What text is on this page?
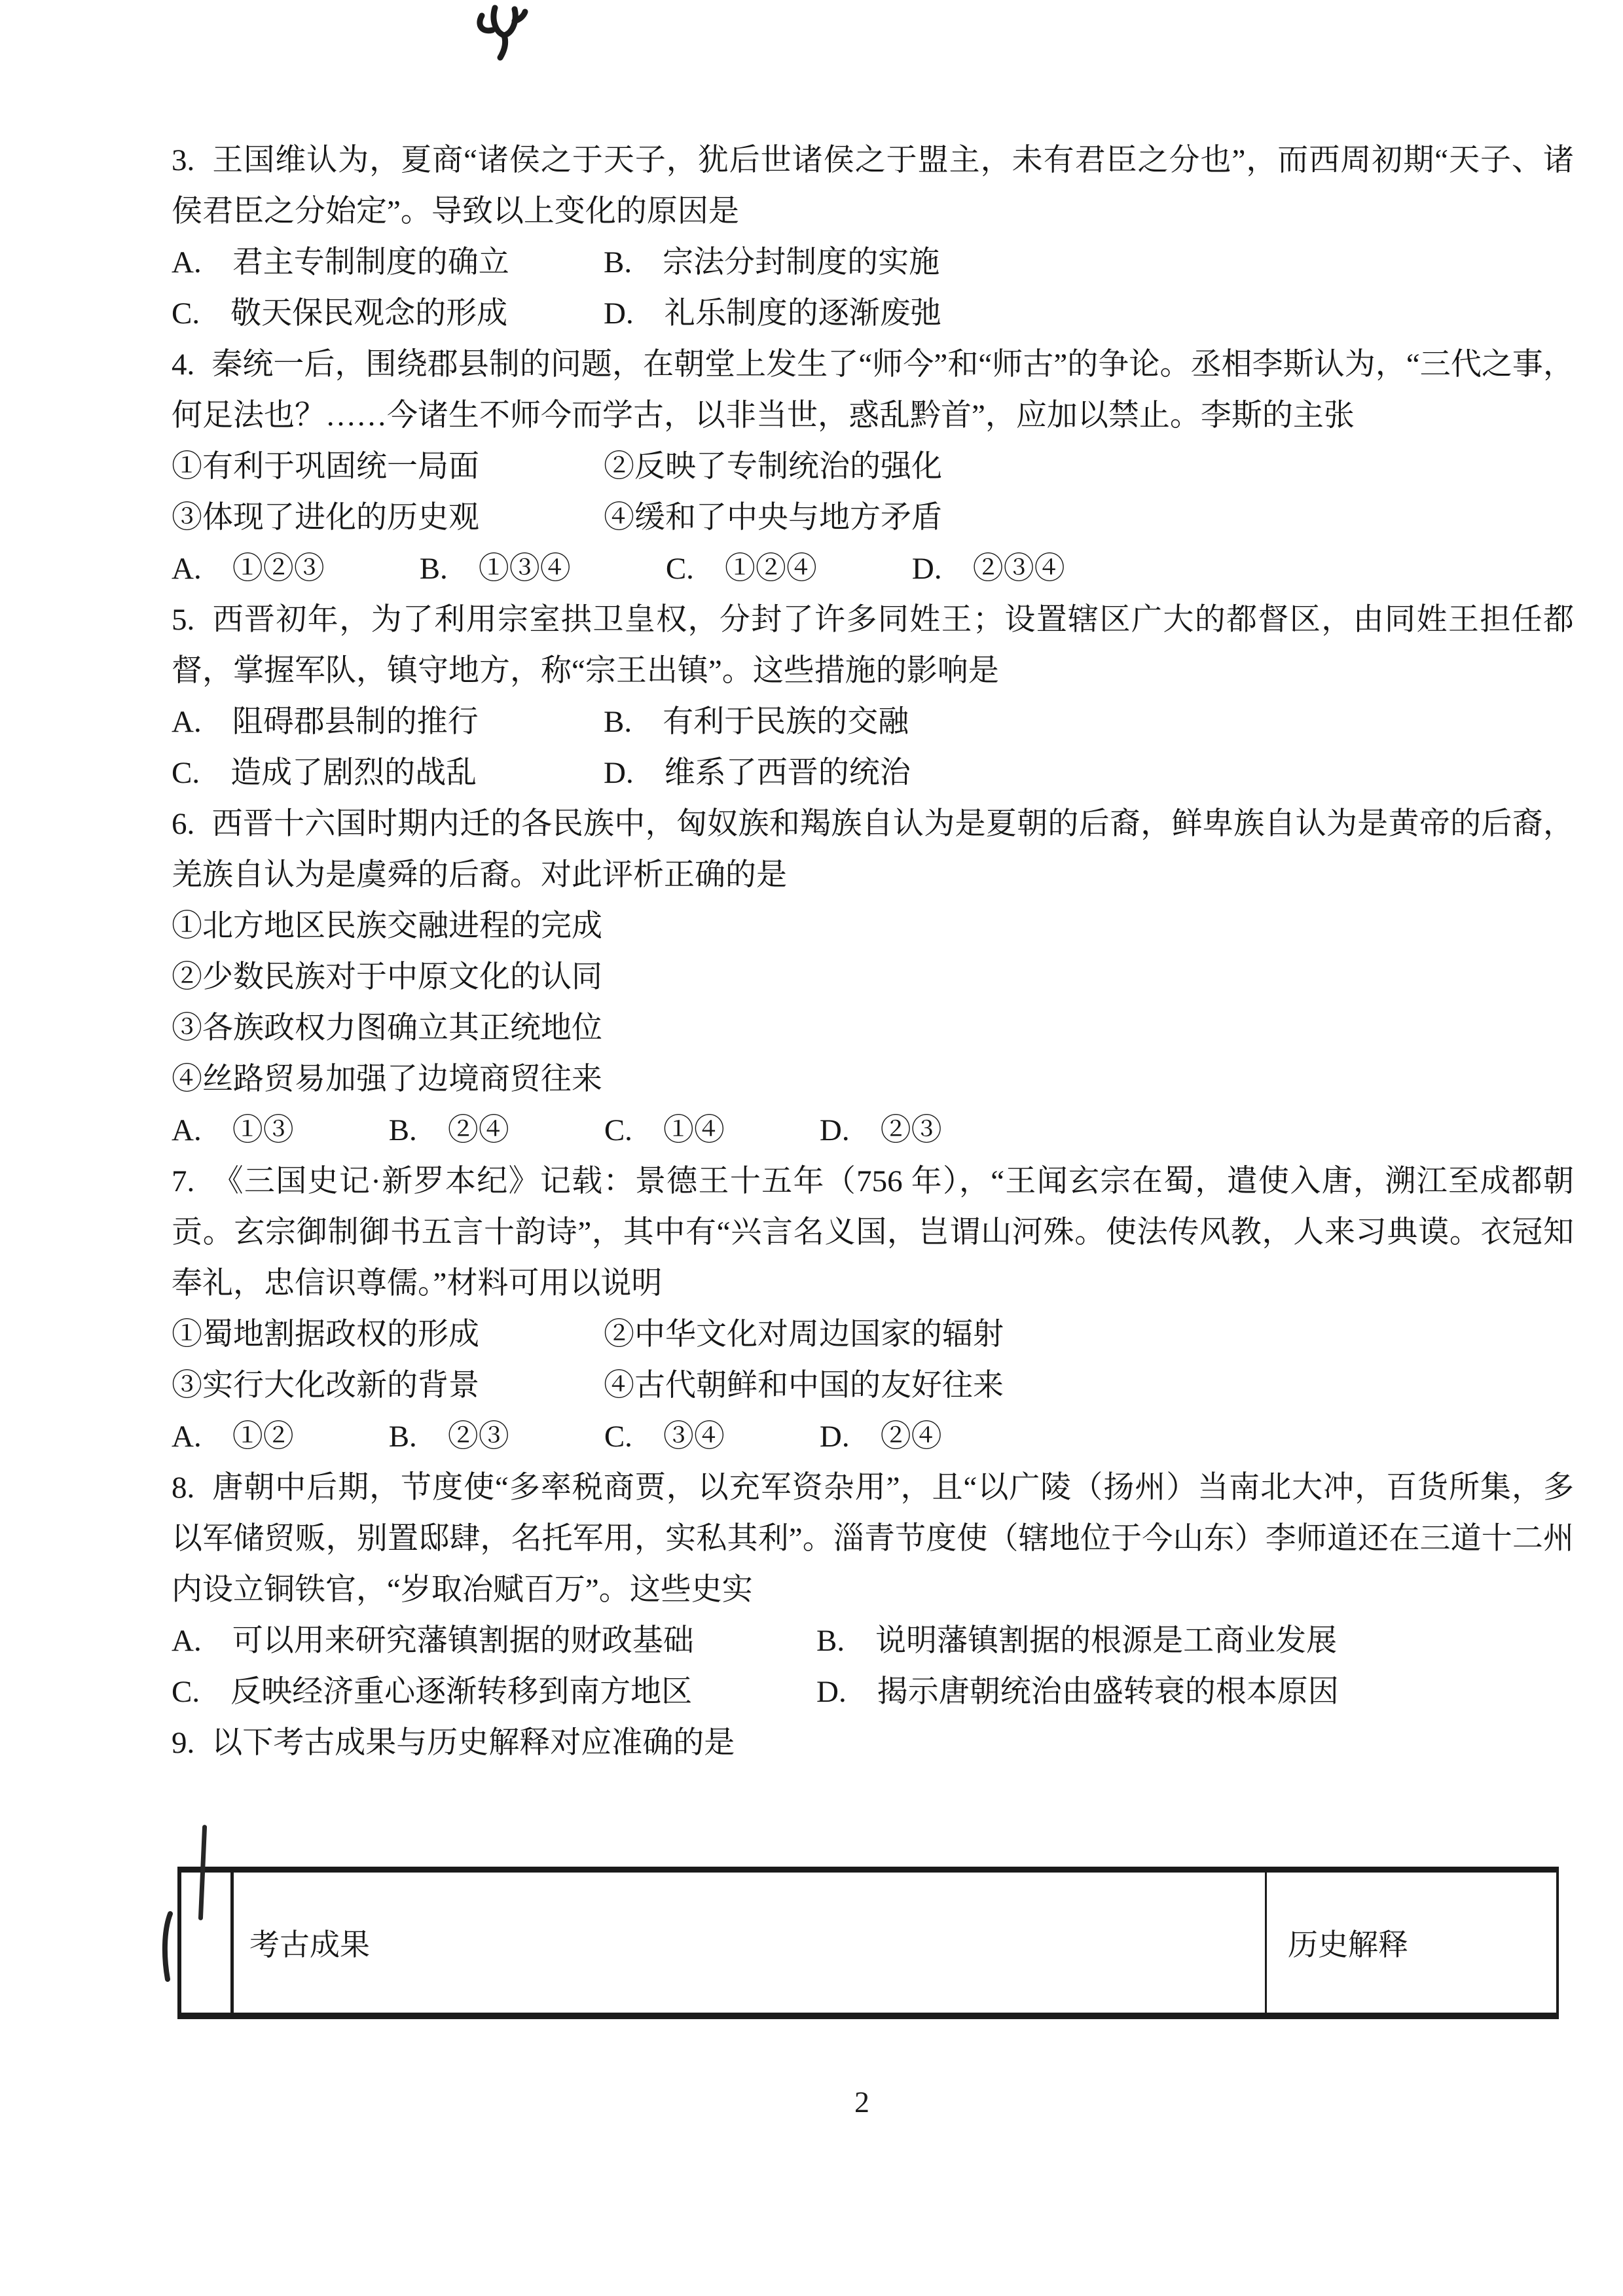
3. 王国维认为，夏商“诸侯之于天子，犹后世诸侯之于盟主，未有君臣之分也”，而西周初期“天子、诸侯君臣之分始定”。导致以上变化的原因是

A.　君主专制制度的确立	B.　宗法分封制度的实施
C.　敬天保民观念的形成	D.　礼乐制度的逐渐废弛

4. 秦统一后，围绕郡县制的问题，在朝堂上发生了“师今”和“师古”的争论。丞相李斯认为，“三代之事，何足法也？……今诸生不师今而学古，以非当世，惑乱黔首”，应加以禁止。李斯的主张

①有利于巩固统一局面	②反映了专制统治的强化
③体现了进化的历史观	④缓和了中央与地方矛盾
A.　①②③	B.　①③④	C.　①②④	D.　②③④

5. 西晋初年，为了利用宗室拱卫皇权，分封了许多同姓王；设置辖区广大的都督区，由同姓王担任都督，掌握军队，镇守地方，称“宗王出镇”。这些措施的影响是

A.　阻碍郡县制的推行	B.　有利于民族的交融
C.　造成了剧烈的战乱	D.　维系了西晋的统治

6. 西晋十六国时期内迁的各民族中，匈奴族和羯族自认为是夏朝的后裔，鲜卑族自认为是黄帝的后裔，羌族自认为是虞舜的后裔。对此评析正确的是

①北方地区民族交融进程的完成
②少数民族对于中原文化的认同
③各族政权力图确立其正统地位
④丝路贸易加强了边境商贸往来
A.　①③	B.　②④	C.　①④	D.　②③

7. 《三国史记·新罗本纪》记载：景德王十五年（756 年），“王闻玄宗在蜀，遣使入唐，溯江至成都朝贡。玄宗御制御书五言十韵诗”，其中有“兴言名义国，岂谓山河殊。使法传风教，人来习典谟。衣冠知奉礼，忠信识尊儒。”材料可用以说明

①蜀地割据政权的形成	②中华文化对周边国家的辐射
③实行大化改新的背景	④古代朝鲜和中国的友好往来
A.　①②	B.　②③	C.　③④	D.　②④

8. 唐朝中后期，节度使“多率税商贾，以充军资杂用”，且“以广陵（扬州）当南北大冲，百货所集，多以军储贸贩，别置邸肆，名托军用，实私其利”。淄青节度使（辖地位于今山东）李师道还在三道十二州内设立铜铁官，“岁取冶赋百万”。这些史实

A.　可以用来研究藩镇割据的财政基础	B.　说明藩镇割据的根源是工商业发展
C.　反映经济重心逐渐转移到南方地区	D.　揭示唐朝统治由盛转衰的根本原因

9. 以下考古成果与历史解释对应准确的是

考古成果	历史解释
2
